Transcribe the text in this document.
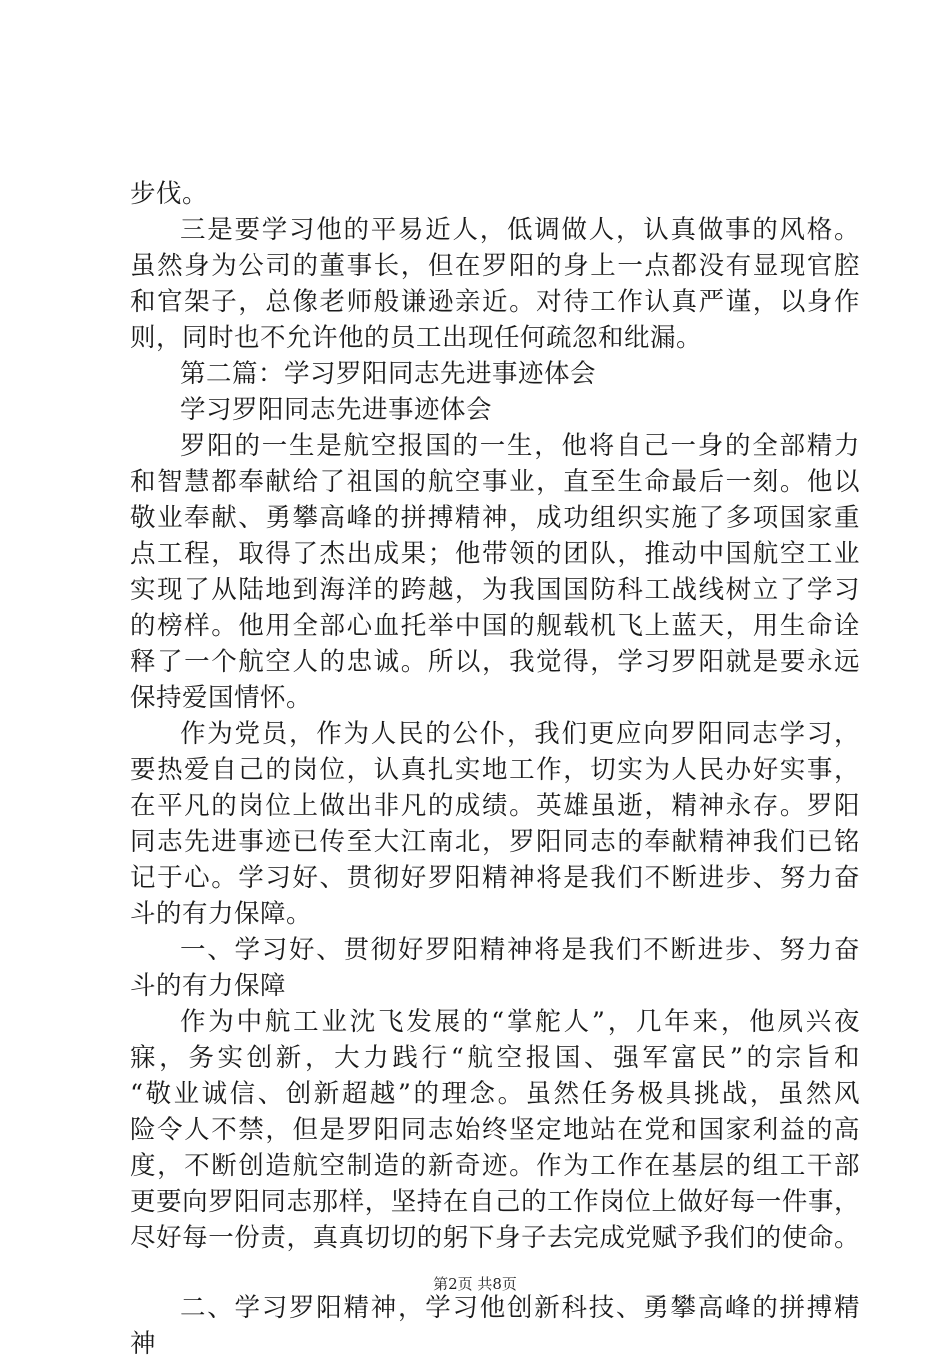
步伐。
三是要学习他的平易近人，低调做人，认真做事的风格。
虽然身为公司的董事长，但在罗阳的身上一点都没有显现官腔
和官架子，总像老师般谦逊亲近。对待工作认真严谨，以身作
则，同时也不允许他的员工出现任何疏忽和纰漏。
第二篇：学习罗阳同志先进事迹体会
学习罗阳同志先进事迹体会
罗阳的一生是航空报国的一生，他将自己一身的全部精力
和智慧都奉献给了祖国的航空事业，直至生命最后一刻。他以
敬业奉献、勇攀高峰的拼搏精神，成功组织实施了多项国家重
点工程，取得了杰出成果；他带领的团队，推动中国航空工业
实现了从陆地到海洋的跨越，为我国国防科工战线树立了学习
的榜样。他用全部心血托举中国的舰载机飞上蓝天，用生命诠
释了一个航空人的忠诚。所以，我觉得，学习罗阳就是要永远
保持爱国情怀。
作为党员，作为人民的公仆，我们更应向罗阳同志学习，
要热爱自己的岗位，认真扎实地工作，切实为人民办好实事，
在平凡的岗位上做出非凡的成绩。英雄虽逝，精神永存。罗阳
同志先进事迹已传至大江南北，罗阳同志的奉献精神我们已铭
记于心。学习好、贯彻好罗阳精神将是我们不断进步、努力奋
斗的有力保障。
一、学习好、贯彻好罗阳精神将是我们不断进步、努力奋
斗的有力保障
作为中航工业沈飞发展的“掌舵人”，几年来，他夙兴夜
寐，务实创新，大力践行“航空报国、强军富民”的宗旨和
“敬业诚信、创新超越”的理念。虽然任务极具挑战，虽然风
险令人不禁，但是罗阳同志始终坚定地站在党和国家利益的高
度，不断创造航空制造的新奇迹。作为工作在基层的组工干部
更要向罗阳同志那样，坚持在自己的工作岗位上做好每一件事，
尽好每一份责，真真切切的躬下身子去完成党赋予我们的使命。
二、学习罗阳精神，学习他创新科技、勇攀高峰的拼搏精
神
第2页 共8页
